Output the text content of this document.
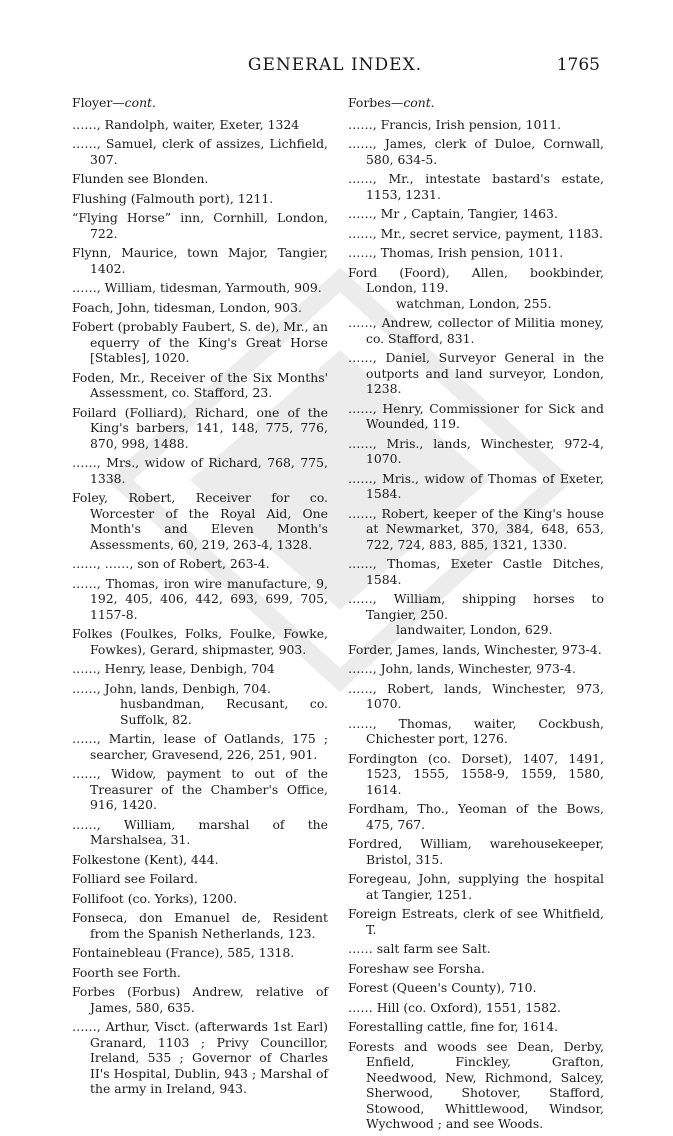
GENERAL INDEX.	1765
Floyer—cont.
……, Randolph, waiter, Exeter, 1324
……, Samuel, clerk of assizes, Lichfield, 307.
Flunden see Blonden.
Flushing (Falmouth port), 1211.
“Flying Horse” inn, Cornhill, London, 722.
Flynn, Maurice, town Major, Tangier, 1402.
……, William, tidesman, Yarmouth, 909.
Foach, John, tidesman, London, 903.
Fobert (probably Faubert, S. de), Mr., an equerry of the King's Great Horse [Stables], 1020.
Foden, Mr., Receiver of the Six Months' Assessment, co. Stafford, 23.
Foilard (Folliard), Richard, one of the King's barbers, 141, 148, 775, 776, 870, 998, 1488.
……, Mrs., widow of Richard, 768, 775, 1338.
Foley, Robert, Receiver for co. Worcester of the Royal Aid, One Month's and Eleven Month's Assessments, 60, 219, 263-4, 1328.
……, ……, son of Robert, 263-4.
……, Thomas, iron wire manufacture, 9, 192, 405, 406, 442, 693, 699, 705, 1157-8.
Folkes (Foulkes, Folks, Foulke, Fowke, Fowkes), Gerard, shipmaster, 903.
……, Henry, lease, Denbigh, 704
……, John, lands, Denbigh, 704.
husbandman, Recusant, co. Suffolk, 82.
……, Martin, lease of Oatlands, 175 ; searcher, Gravesend, 226, 251, 901.
……, Widow, payment to out of the Treasurer of the Chamber's Office, 916, 1420.
……, William, marshal of the Marshalsea, 31.
Folkestone (Kent), 444.
Folliard see Foilard.
Follifoot (co. Yorks), 1200.
Fonseca, don Emanuel de, Resident from the Spanish Netherlands, 123.
Fontainebleau (France), 585, 1318.
Foorth see Forth.
Forbes (Forbus) Andrew, relative of James, 580, 635.
……, Arthur, Visct. (afterwards 1st Earl) Granard, 1103 ; Privy Councillor, Ireland, 535 ; Governor of Charles II's Hospital, Dublin, 943 ; Marshal of the army in Ireland, 943.
Forbes—cont.
……, Francis, Irish pension, 1011.
……, James, clerk of Duloe, Cornwall, 580, 634-5.
……, Mr., intestate bastard's estate, 1153, 1231.
……, Mr , Captain, Tangier, 1463.
……, Mr., secret service, payment, 1183.
……, Thomas, Irish pension, 1011.
Ford (Foord), Allen, bookbinder, London, 119.
watchman, London, 255.
……, Andrew, collector of Militia money, co. Stafford, 831.
……, Daniel, Surveyor General in the outports and land surveyor, London, 1238.
……, Henry, Commissioner for Sick and Wounded, 119.
……, Mris., lands, Winchester, 972-4, 1070.
……, Mris., widow of Thomas of Exeter, 1584.
……, Robert, keeper of the King's house at Newmarket, 370, 384, 648, 653, 722, 724, 883, 885, 1321, 1330.
……, Thomas, Exeter Castle Ditches, 1584.
……, William, shipping horses to Tangier, 250.
landwaiter, London, 629.
Forder, James, lands, Winchester, 973-4.
……, John, lands, Winchester, 973-4.
……, Robert, lands, Winchester, 973, 1070.
……, Thomas, waiter, Cockbush, Chichester port, 1276.
Fordington (co. Dorset), 1407, 1491, 1523, 1555, 1558-9, 1559, 1580, 1614.
Fordham, Tho., Yeoman of the Bows, 475, 767.
Fordred, William, warehousekeeper, Bristol, 315.
Foregeau, John, supplying the hospital at Tangier, 1251.
Foreign Estreats, clerk of see Whitfield, T.
…… salt farm see Salt.
Foreshaw see Forsha.
Forest (Queen's County), 710.
…… Hill (co. Oxford), 1551, 1582.
Forestalling cattle, fine for, 1614.
Forests and woods see Dean, Derby, Enfield, Finckley, Grafton, Needwood, New, Richmond, Salcey, Sherwood, Shotover, Stafford, Stowood, Whittlewood, Windsor, Wychwood ; and see Woods.
